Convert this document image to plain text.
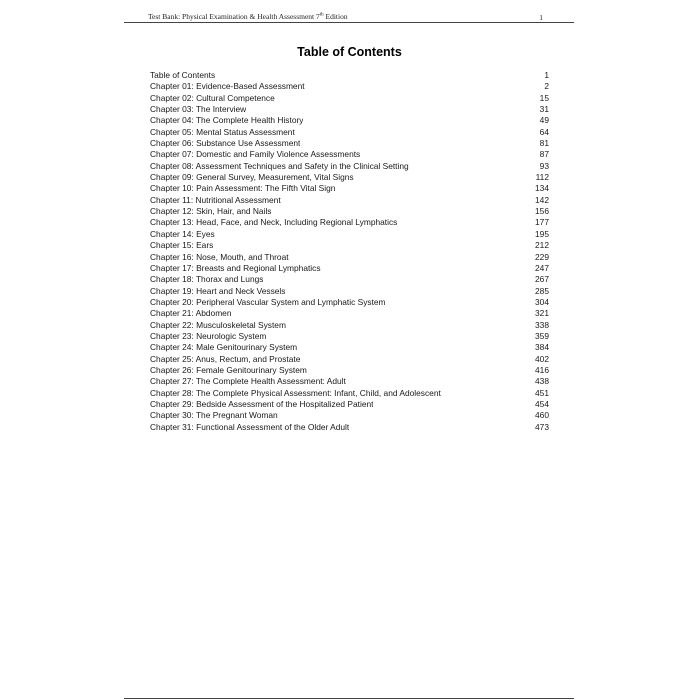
Test Bank: Physical Examination & Health Assessment 7th Edition	1
Table of Contents
Table of Contents	1
Chapter 01: Evidence-Based Assessment	2
Chapter 02: Cultural Competence	15
Chapter 03: The Interview	31
Chapter 04: The Complete Health History	49
Chapter 05: Mental Status Assessment	64
Chapter 06: Substance Use Assessment	81
Chapter 07: Domestic and Family Violence Assessments	87
Chapter 08: Assessment Techniques and Safety in the Clinical Setting	93
Chapter 09: General Survey, Measurement, Vital Signs	112
Chapter 10: Pain Assessment: The Fifth Vital Sign	134
Chapter 11: Nutritional Assessment	142
Chapter 12: Skin, Hair, and Nails	156
Chapter 13: Head, Face, and Neck, Including Regional Lymphatics	177
Chapter 14: Eyes	195
Chapter 15: Ears	212
Chapter 16: Nose, Mouth, and Throat	229
Chapter 17: Breasts and Regional Lymphatics	247
Chapter 18: Thorax and Lungs	267
Chapter 19: Heart and Neck Vessels	285
Chapter 20: Peripheral Vascular System and Lymphatic System	304
Chapter 21: Abdomen	321
Chapter 22: Musculoskeletal System	338
Chapter 23: Neurologic System	359
Chapter 24: Male Genitourinary System	384
Chapter 25: Anus, Rectum, and Prostate	402
Chapter 26: Female Genitourinary System	416
Chapter 27: The Complete Health Assessment: Adult	438
Chapter 28: The Complete Physical Assessment: Infant, Child, and Adolescent	451
Chapter 29: Bedside Assessment of the Hospitalized Patient	454
Chapter 30: The Pregnant Woman	460
Chapter 31: Functional Assessment of the Older Adult	473
